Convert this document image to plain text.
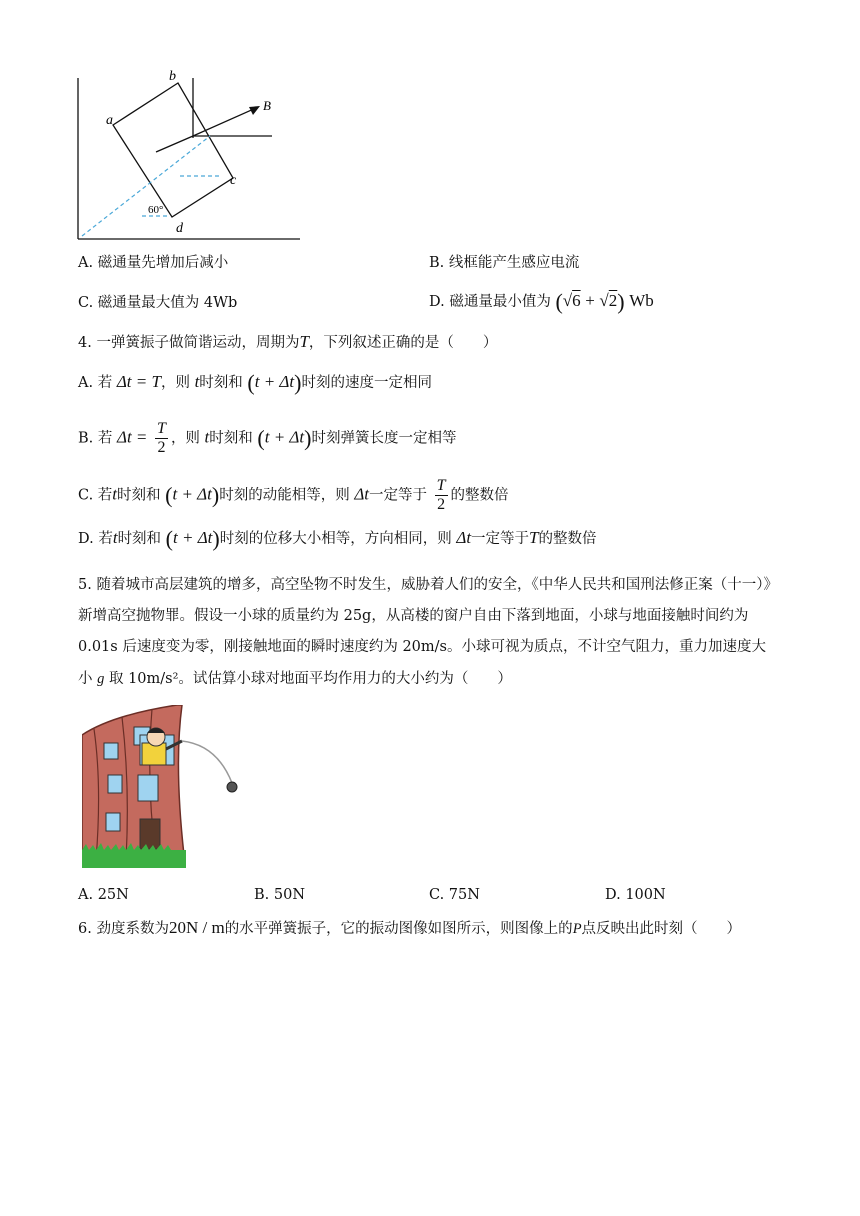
a
b
c
d
B
60°
A. 磁通量先增加后减小	B. 线框能产生感应电流
C. 磁通量最大值为 4Wb	D. 磁通量最小值为 (√6 + √2) Wb
4. 一弹簧振子做简谐运动，周期为T，下列叙述正确的是（　　）
A. 若 Δt = T，则 t时刻和 (t + Δt)时刻的速度一定相同
B. 若 $\Delta t = \frac{T}{2}$ ，则 t时刻和 (t + Δt)时刻弹簧长度一定相等
C. 若t时刻和 (t + Δt)时刻的动能相等，则 Δt一定等于 $\frac{T}{2}$ 的整数倍
D. 若t时刻和 (t + Δt)时刻的位移大小相等，方向相同，则 Δt一定等于T的整数倍
5. 随着城市高层建筑的增多，高空坠物不时发生，威胁着人们的安全，《中华人民共和国刑法修正案（十一）》
新增高空抛物罪。假设一小球的质量约为 25g，从高楼的窗户自由下落到地面，小球与地面接触时间约为
0.01s 后速度变为零，刚接触地面的瞬时速度约为 20m/s。小球可视为质点，不计空气阻力，重力加速度大
小 g 取 10m/s²。试估算小球对地面平均作用力的大小约为（　　）
A. 25N	B. 50N	C. 75N	D. 100N
6. 劲度系数为20N / m的水平弹簧振子，它的振动图像如图所示，则图像上的P点反映出此时刻（　　）
